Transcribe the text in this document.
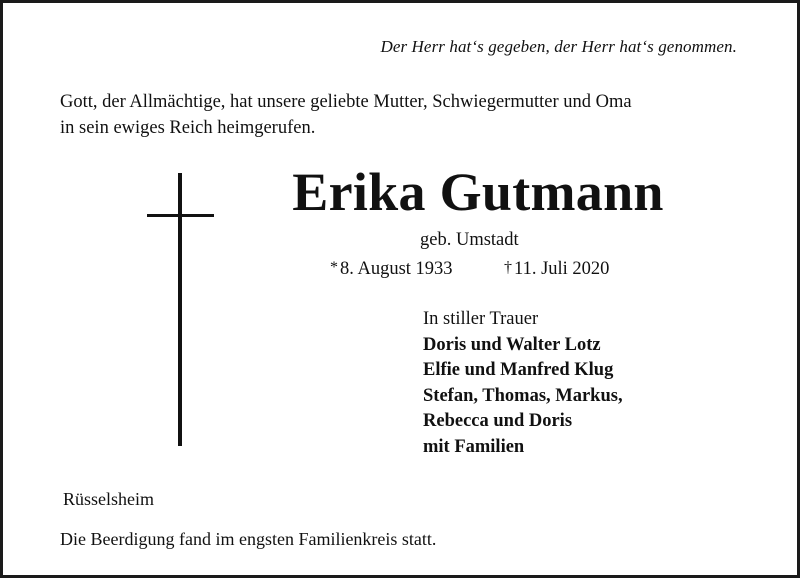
Der Herr hat‘s gegeben, der Herr hat‘s genommen.
Gott, der Allmächtige, hat unsere geliebte Mutter, Schwiegermutter und Oma
in sein ewiges Reich heimgerufen.
Erika Gutmann
geb. Umstadt
* 8. August 1933	† 11. Juli 2020
In stiller Trauer
Doris und Walter Lotz
Elfie und Manfred Klug
Stefan, Thomas, Markus,
Rebecca und Doris
mit Familien
Rüsselsheim
Die Beerdigung fand im engsten Familienkreis statt.
